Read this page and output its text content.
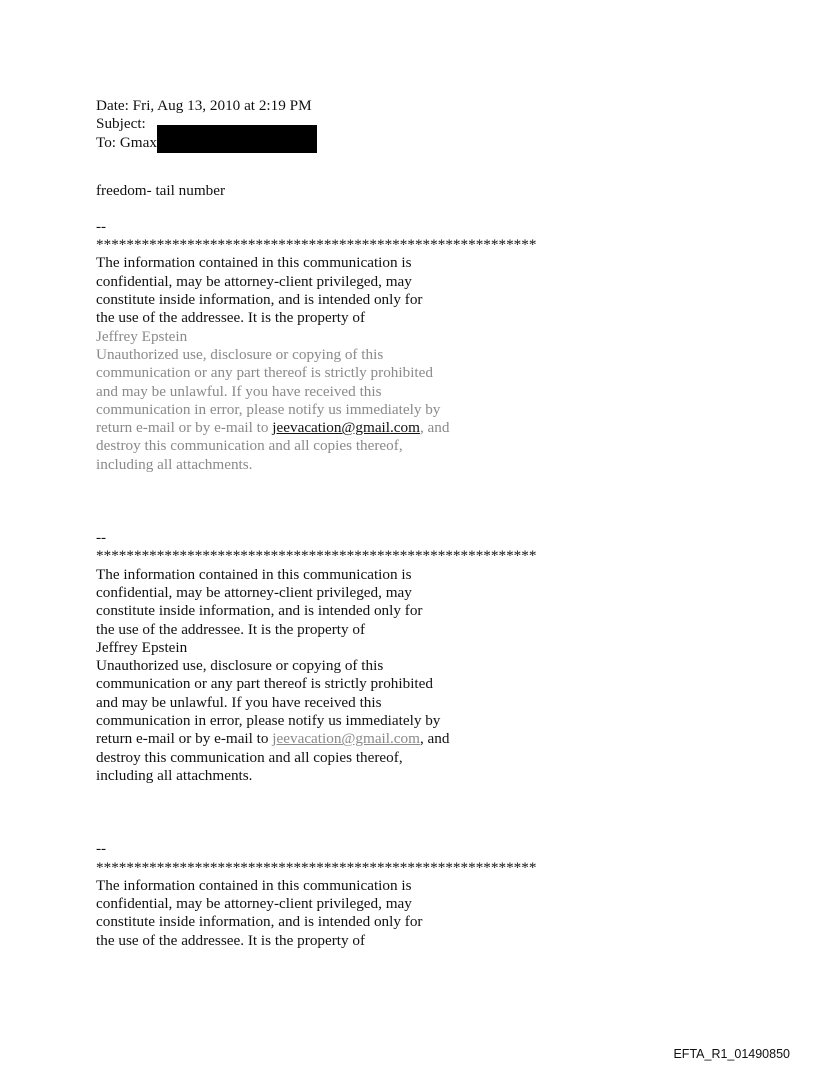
Date: Fri, Aug 13, 2010 at 2:19 PM
Subject:
To: Gmax
freedom- tail number
--
**********************************************************
The information contained in this communication is
confidential, may be attorney-client privileged, may
constitute inside information, and is intended only for
the use of the addressee. It is the property of
Jeffrey Epstein
Unauthorized use, disclosure or copying of this
communication or any part thereof is strictly prohibited
and may be unlawful. If you have received this
communication in error, please notify us immediately by
return e-mail or by e-mail to jeevacation@gmail.com, and
destroy this communication and all copies thereof,
including all attachments.
--
**********************************************************
The information contained in this communication is
confidential, may be attorney-client privileged, may
constitute inside information, and is intended only for
the use of the addressee. It is the property of
Jeffrey Epstein
Unauthorized use, disclosure or copying of this
communication or any part thereof is strictly prohibited
and may be unlawful. If you have received this
communication in error, please notify us immediately by
return e-mail or by e-mail to jeevacation@gmail.com, and
destroy this communication and all copies thereof,
including all attachments.
--
**********************************************************
The information contained in this communication is
confidential, may be attorney-client privileged, may
constitute inside information, and is intended only for
the use of the addressee. It is the property of
EFTA_R1_01490850
